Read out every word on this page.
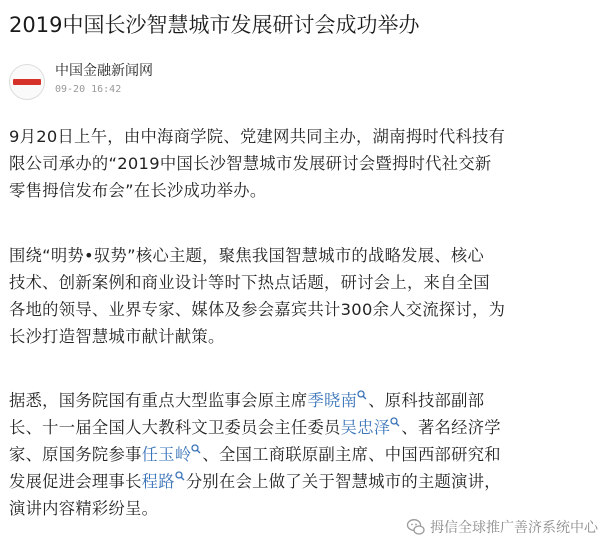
2019中国长沙智慧城市发展研讨会成功举办
中国金融新闻网
09-20 16:42
9月20日上午，由中海商学院、党建网共同主办，湖南拇时代科技有
限公司承办的“2019中国长沙智慧城市发展研讨会暨拇时代社交新
零售拇信发布会”在长沙成功举办。
围绕“明势•驭势”核心主题，聚焦我国智慧城市的战略发展、核心
技术、创新案例和商业设计等时下热点话题，研讨会上，来自全国
各地的领导、业界专家、媒体及参会嘉宾共计300余人交流探讨，为
长沙打造智慧城市献计献策。
据悉，国务院国有重点大型监事会原主席季晓南 、原科技部副部
长、十一届全国人大教科文卫委员会主任委员吴忠泽 、著名经济学
家、原国务院参事任玉岭 、全国工商联原副主席、中国西部研究和
发展促进会理事长程路 分别在会上做了关于智慧城市的主题演讲，
演讲内容精彩纷呈。
拇信全球推广善济系统中心
